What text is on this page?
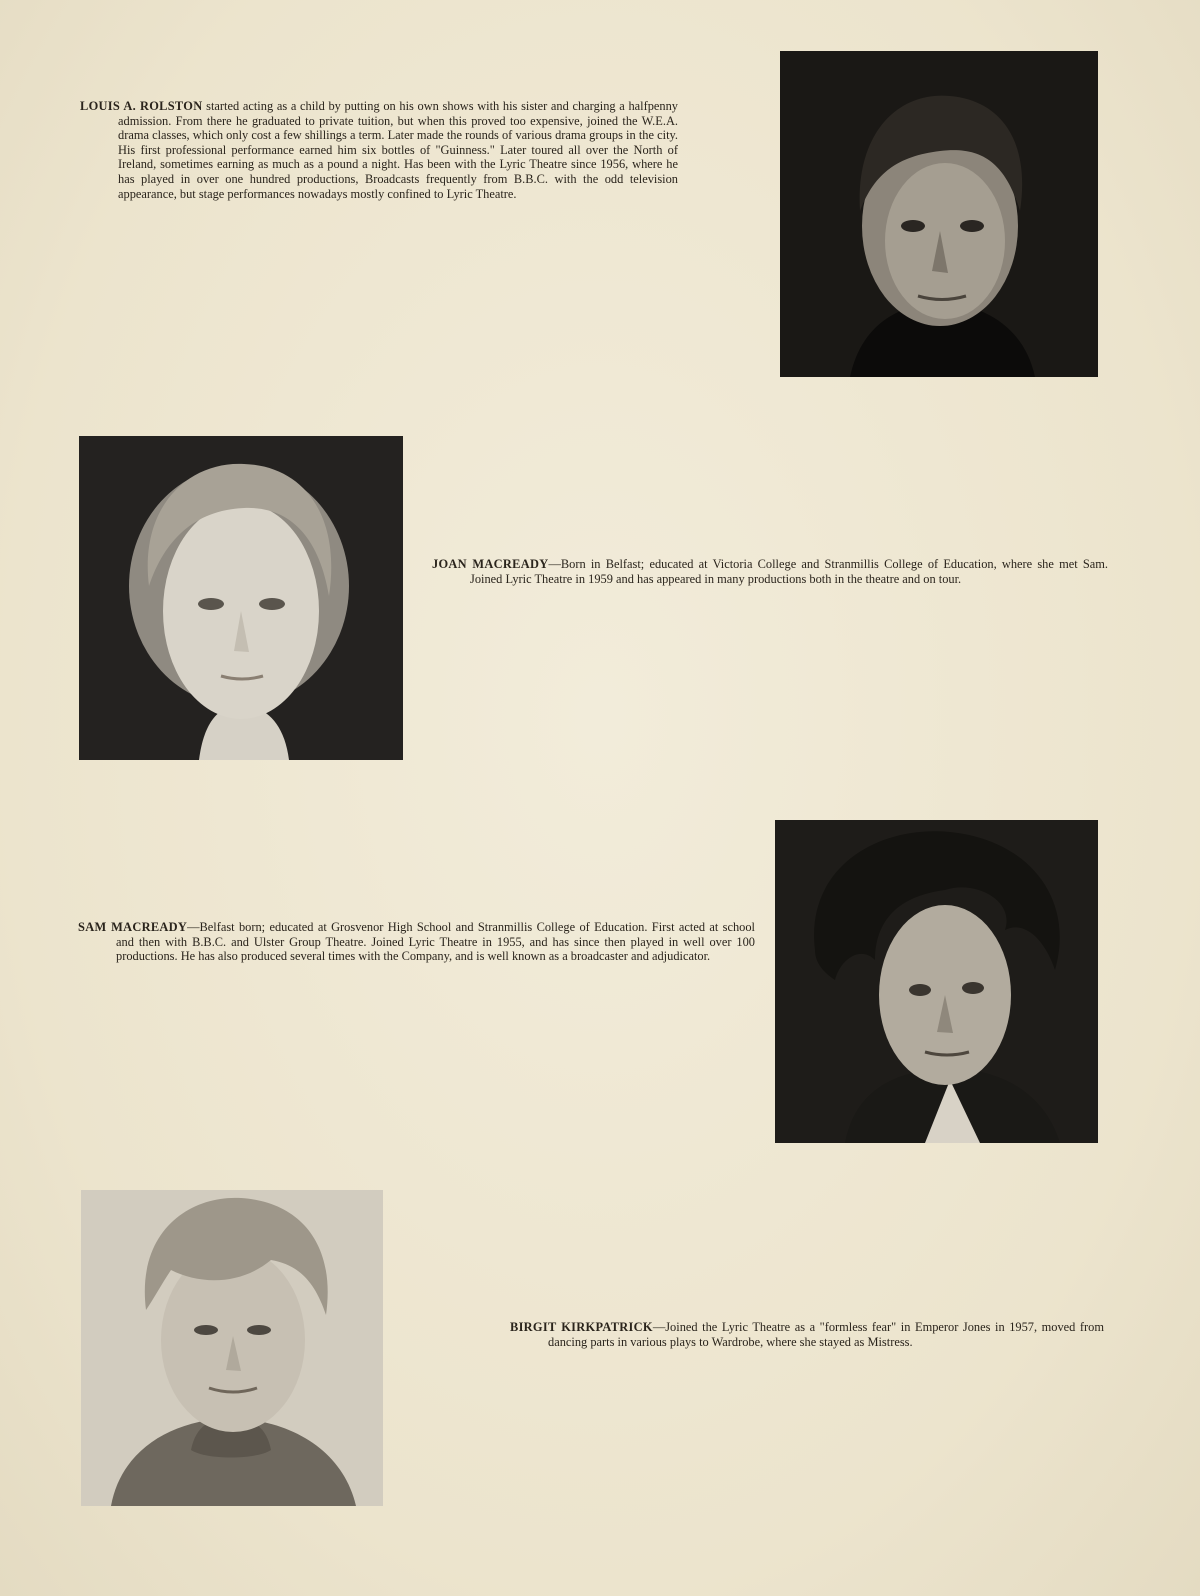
LOUIS A. ROLSTON started acting as a child by putting on his own shows with his sister and charging a halfpenny admission. From there he graduated to private tuition, but when this proved too expensive, joined the W.E.A. drama classes, which only cost a few shillings a term. Later made the rounds of various drama groups in the city. His first professional performance earned him six bottles of "Guinness." Later toured all over the North of Ireland, sometimes earning as much as a pound a night. Has been with the Lyric Theatre since 1956, where he has played in over one hundred productions, Broadcasts frequently from B.B.C. with the odd television appearance, but stage performances nowadays mostly confined to Lyric Theatre.
JOAN MACREADY—Born in Belfast; educated at Victoria College and Stranmillis College of Education, where she met Sam. Joined Lyric Theatre in 1959 and has appeared in many productions both in the theatre and on tour.
SAM MACREADY—Belfast born; educated at Grosvenor High School and Stranmillis College of Education. First acted at school and then with B.B.C. and Ulster Group Theatre. Joined Lyric Theatre in 1955, and has since then played in well over 100 productions. He has also produced several times with the Company, and is well known as a broadcaster and adjudicator.
BIRGIT KIRKPATRICK—Joined the Lyric Theatre as a "formless fear" in Emperor Jones in 1957, moved from dancing parts in various plays to Wardrobe, where she stayed as Mistress.
